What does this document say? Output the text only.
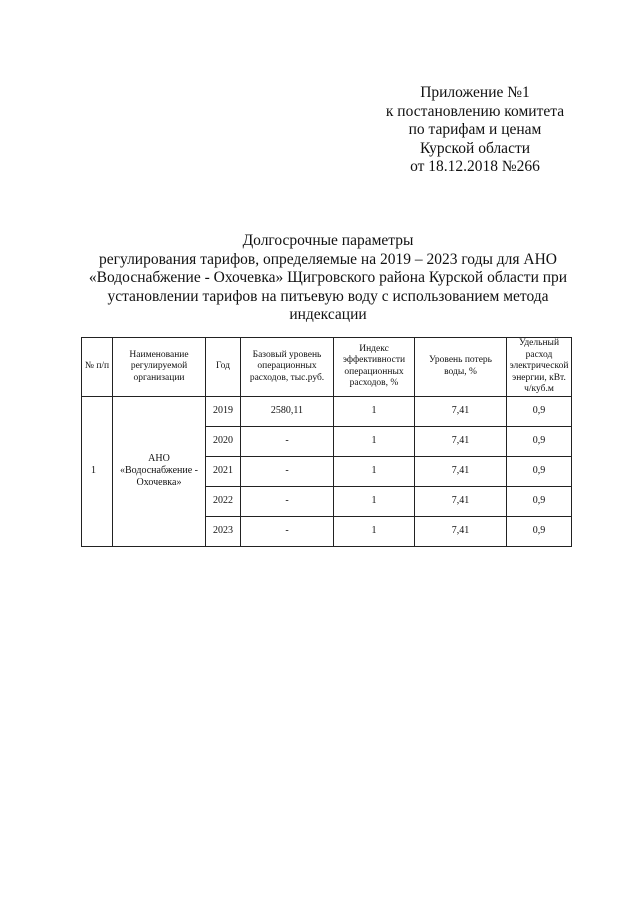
Приложение №1
к постановлению комитета
по тарифам и ценам
Курской области
от 18.12.2018 №266
Долгосрочные параметры
регулирования тарифов, определяемые на 2019 – 2023 годы для АНО
«Водоснабжение - Охочевка» Щигровского района Курской области при
установлении тарифов на питьевую воду с использованием метода
индексации
№ п/п	Наименование регулируемой организации	Год	Базовый уровень операционных расходов, тыс.руб.	Индекс эффективности операционных расходов, %	Уровень потерь воды, %	Удельный расход электрической энергии, кВт. ч/куб.м
1	АНО «Водоснабжение - Охочевка»	2019	2580,11	1	7,41	0,9
		2020	-	1	7,41	0,9
		2021	-	1	7,41	0,9
		2022	-	1	7,41	0,9
		2023	-	1	7,41	0,9
